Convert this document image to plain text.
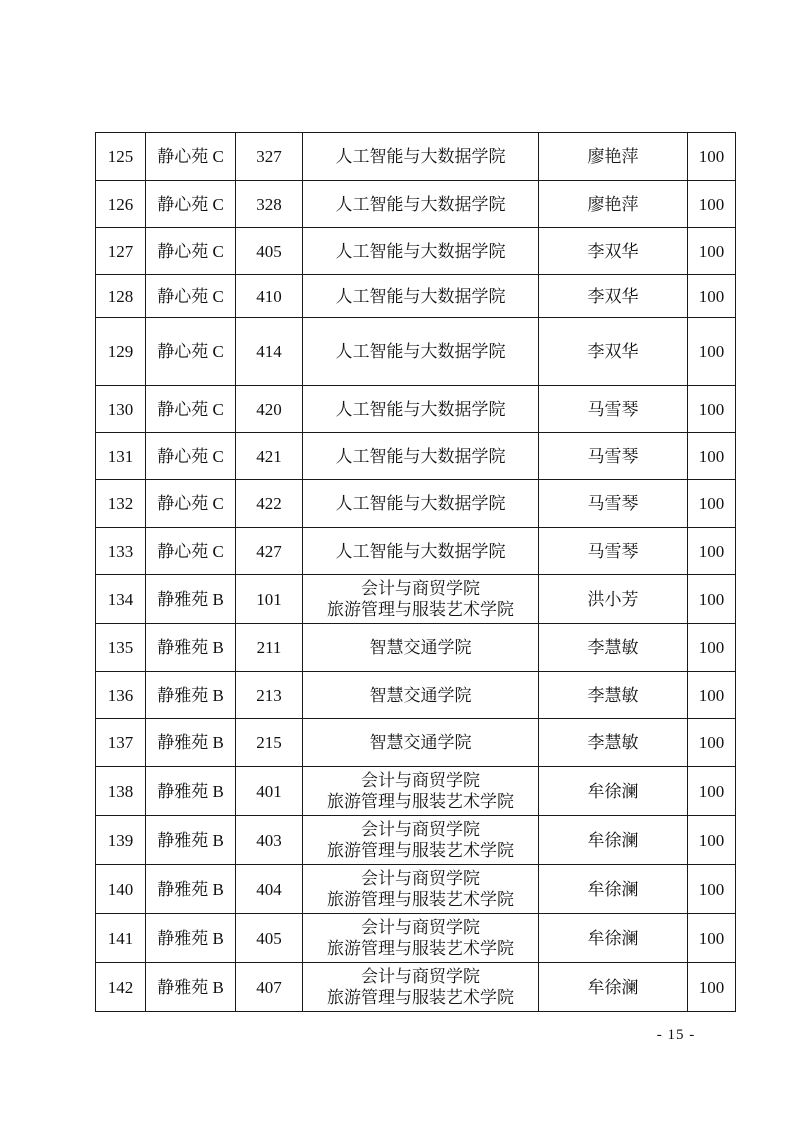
125	静心苑 C	327	人工智能与大数据学院	廖艳萍	100
126	静心苑 C	328	人工智能与大数据学院	廖艳萍	100
127	静心苑 C	405	人工智能与大数据学院	李双华	100
128	静心苑 C	410	人工智能与大数据学院	李双华	100
129	静心苑 C	414	人工智能与大数据学院	李双华	100
130	静心苑 C	420	人工智能与大数据学院	马雪琴	100
131	静心苑 C	421	人工智能与大数据学院	马雪琴	100
132	静心苑 C	422	人工智能与大数据学院	马雪琴	100
133	静心苑 C	427	人工智能与大数据学院	马雪琴	100
134	静雅苑 B	101	会计与商贸学院
旅游管理与服装艺术学院	洪小芳	100
135	静雅苑 B	211	智慧交通学院	李慧敏	100
136	静雅苑 B	213	智慧交通学院	李慧敏	100
137	静雅苑 B	215	智慧交通学院	李慧敏	100
138	静雅苑 B	401	会计与商贸学院
旅游管理与服装艺术学院	牟徐澜	100
139	静雅苑 B	403	会计与商贸学院
旅游管理与服装艺术学院	牟徐澜	100
140	静雅苑 B	404	会计与商贸学院
旅游管理与服装艺术学院	牟徐澜	100
141	静雅苑 B	405	会计与商贸学院
旅游管理与服装艺术学院	牟徐澜	100
142	静雅苑 B	407	会计与商贸学院
旅游管理与服装艺术学院	牟徐澜	100
- 15 -
